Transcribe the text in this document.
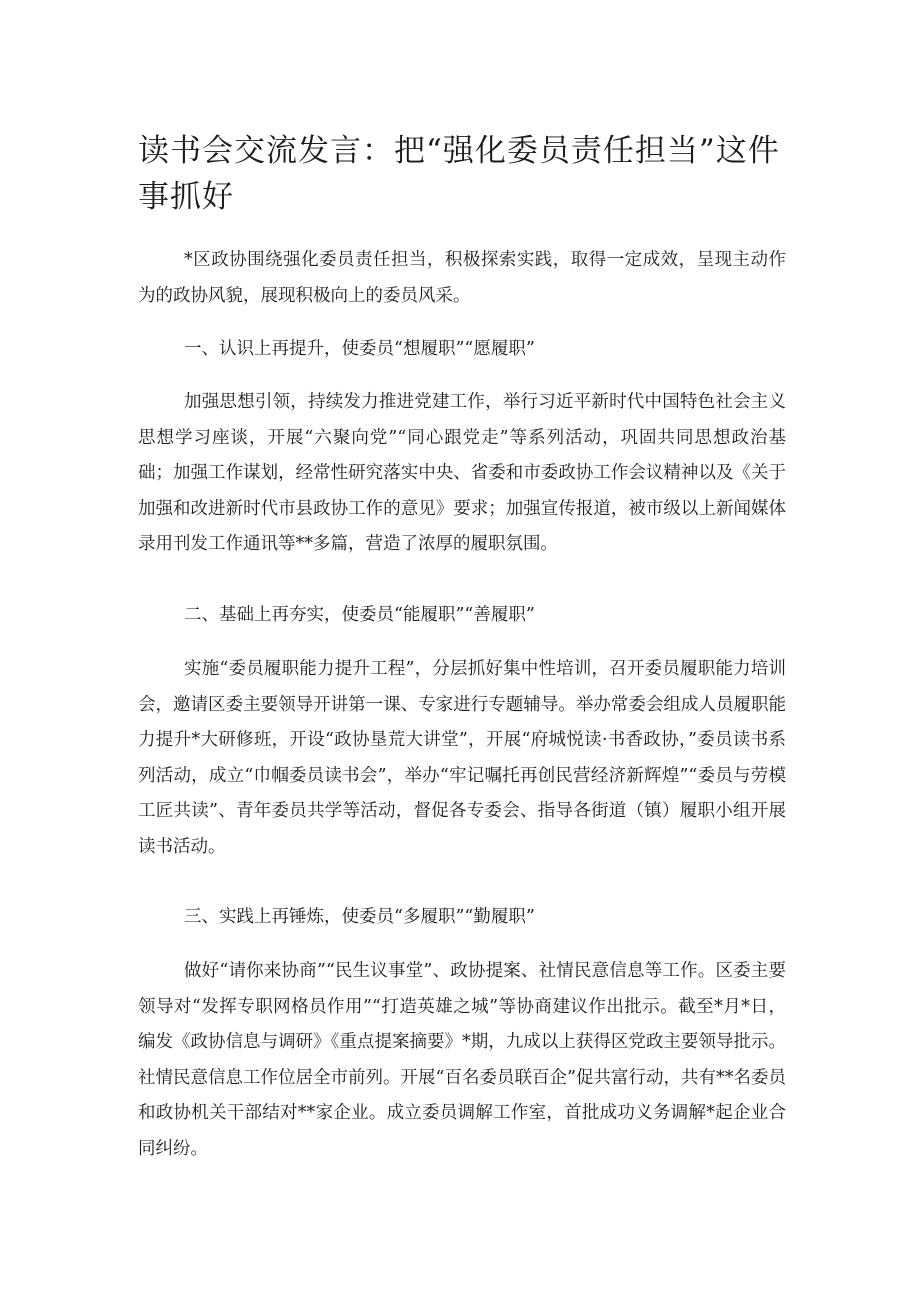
读书会交流发言：把“强化委员责任担当”这件事抓好

*区政协围绕强化委员责任担当，积极探索实践，取得一定成效，呈现主动作为的政协风貌，展现积极向上的委员风采。

一、认识上再提升，使委员“想履职”“愿履职”

加强思想引领，持续发力推进党建工作，举行习近平新时代中国特色社会主义思想学习座谈，开展“六聚向党”“同心跟党走”等系列活动，巩固共同思想政治基础；加强工作谋划，经常性研究落实中央、省委和市委政协工作会议精神以及《关于加强和改进新时代市县政协工作的意见》要求；加强宣传报道，被市级以上新闻媒体录用刊发工作通讯等**多篇，营造了浓厚的履职氛围。

二、基础上再夯实，使委员“能履职”“善履职”

实施“委员履职能力提升工程”，分层抓好集中性培训，召开委员履职能力培训会，邀请区委主要领导开讲第一课、专家进行专题辅导。举办常委会组成人员履职能力提升*大研修班，开设“政协垦荒大讲堂”，开展“府城悦读·书香政协，”委员读书系列活动，成立“巾帼委员读书会”，举办“牢记嘱托再创民营经济新辉煌”“委员与劳模工匠共读”、青年委员共学等活动，督促各专委会、指导各街道（镇）履职小组开展读书活动。

三、实践上再锤炼，使委员“多履职”“勤履职”

做好“请你来协商”“民生议事堂”、政协提案、社情民意信息等工作。区委主要领导对“发挥专职网格员作用”“打造英雄之城”等协商建议作出批示。截至*月*日，编发《政协信息与调研》《重点提案摘要》*期，九成以上获得区党政主要领导批示。社情民意信息工作位居全市前列。开展“百名委员联百企”促共富行动，共有**名委员和政协机关干部结对**家企业。成立委员调解工作室，首批成功义务调解*起企业合同纠纷。
